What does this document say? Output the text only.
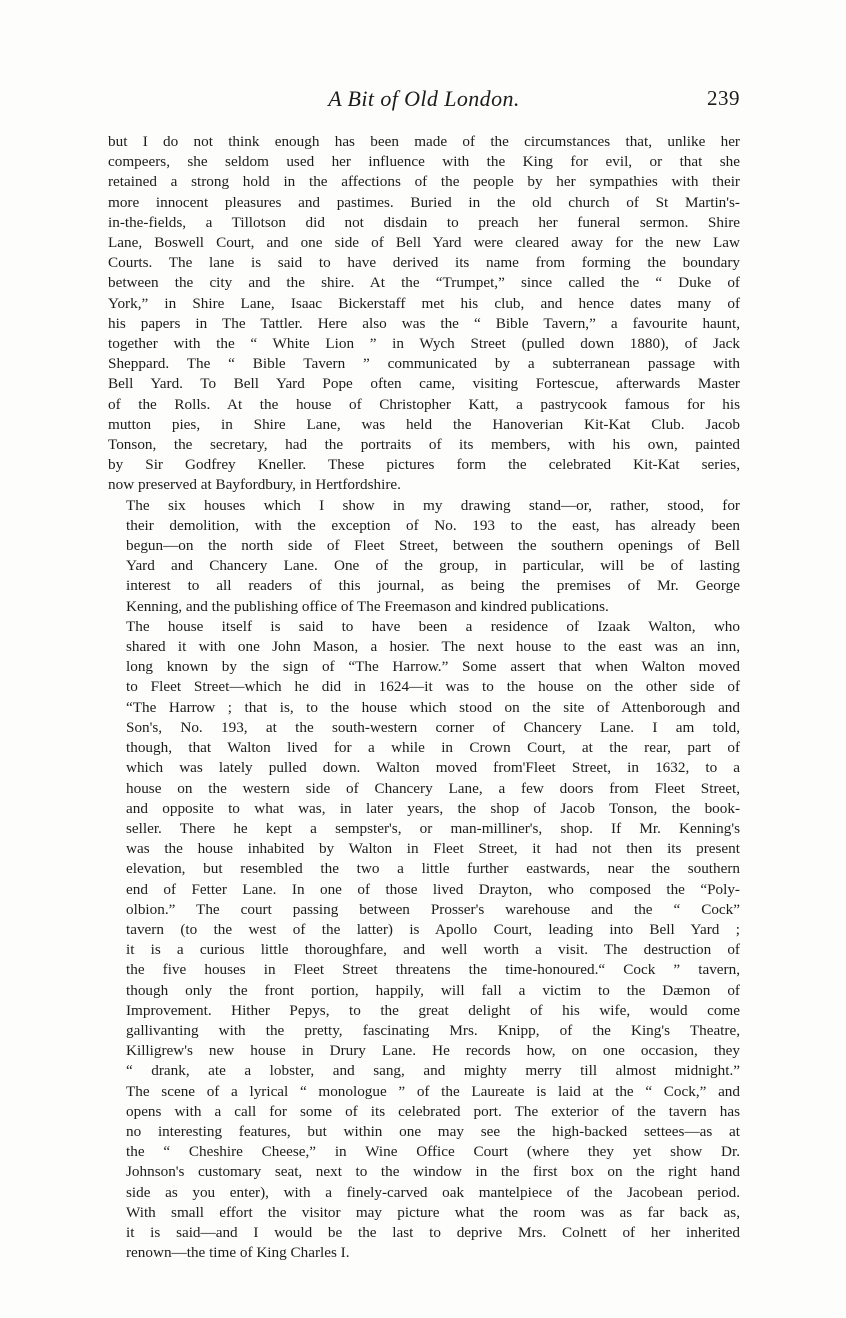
A Bit of Old London.	239

but I do not think enough has been made of the circumstances that, unlike her
compeers, she seldom used her influence with the King for evil, or that she
retained a strong hold in the affections of the people by her sympathies with their
more innocent pleasures and pastimes. Buried in the old church of St Martin's-
in-the-fields, a Tillotson did not disdain to preach her funeral sermon. Shire
Lane, Boswell Court, and one side of Bell Yard were cleared away for the new Law
Courts. The lane is said to have derived its name from forming the boundary
between the city and the shire. At the “Trumpet,” since called the “ Duke of
York,” in Shire Lane, Isaac Bickerstaff met his club, and hence dates many of
his papers in The Tattler. Here also was the “ Bible Tavern,” a favourite haunt,
together with the “ White Lion ” in Wych Street (pulled down 1880), of Jack
Sheppard. The “ Bible Tavern ” communicated by a subterranean passage with
Bell Yard. To Bell Yard Pope often came, visiting Fortescue, afterwards Master
of the Rolls. At the house of Christopher Katt, a pastrycook famous for his
mutton pies, in Shire Lane, was held the Hanoverian Kit-Kat Club. Jacob
Tonson, the secretary, had the portraits of its members, with his own, painted
by Sir Godfrey Kneller. These pictures form the celebrated Kit-Kat series,
now preserved at Bayfordbury, in Hertfordshire.

The six houses which I show in my drawing stand—or, rather, stood, for
their demolition, with the exception of No. 193 to the east, has already been
begun—on the north side of Fleet Street, between the southern openings of Bell
Yard and Chancery Lane. One of the group, in particular, will be of lasting
interest to all readers of this journal, as being the premises of Mr. George
Kenning, and the publishing office of The Freemason and kindred publications.

The house itself is said to have been a residence of Izaak Walton, who
shared it with one John Mason, a hosier. The next house to the east was an inn,
long known by the sign of “The Harrow.” Some assert that when Walton moved
to Fleet Street—which he did in 1624—it was to the house on the other side of
“The Harrow ; that is, to the house which stood on the site of Attenborough and
Son's, No. 193, at the south-western corner of Chancery Lane. I am told,
though, that Walton lived for a while in Crown Court, at the rear, part of
which was lately pulled down. Walton moved from'Fleet Street, in 1632, to a
house on the western side of Chancery Lane, a few doors from Fleet Street,
and opposite to what was, in later years, the shop of Jacob Tonson, the book-
seller. There he kept a sempster's, or man-milliner's, shop. If Mr. Kenning's
was the house inhabited by Walton in Fleet Street, it had not then its present
elevation, but resembled the two a little further eastwards, near the southern
end of Fetter Lane. In one of those lived Drayton, who composed the “Poly-
olbion.” The court passing between Prosser's warehouse and the “ Cock”
tavern (to the west of the latter) is Apollo Court, leading into Bell Yard ;
it is a curious little thoroughfare, and well worth a visit. The destruction of
the five houses in Fleet Street threatens the time-honoured.“ Cock ” tavern,
though only the front portion, happily, will fall a victim to the Dæmon of
Improvement. Hither Pepys, to the great delight of his wife, would come
gallivanting with the pretty, fascinating Mrs. Knipp, of the King's Theatre,
Killigrew's new house in Drury Lane. He records how, on one occasion, they
“ drank, ate a lobster, and sang, and mighty merry till almost midnight.”
The scene of a lyrical “ monologue ” of the Laureate is laid at the “ Cock,” and
opens with a call for some of its celebrated port. The exterior of the tavern has
no interesting features, but within one may see the high-backed settees—as at
the “ Cheshire Cheese,” in Wine Office Court (where they yet show Dr.
Johnson's customary seat, next to the window in the first box on the right hand
side as you enter), with a finely-carved oak mantelpiece of the Jacobean period.
With small effort the visitor may picture what the room was as far back as,
it is said—and I would be the last to deprive Mrs. Colnett of her inherited
renown—the time of King Charles I.
